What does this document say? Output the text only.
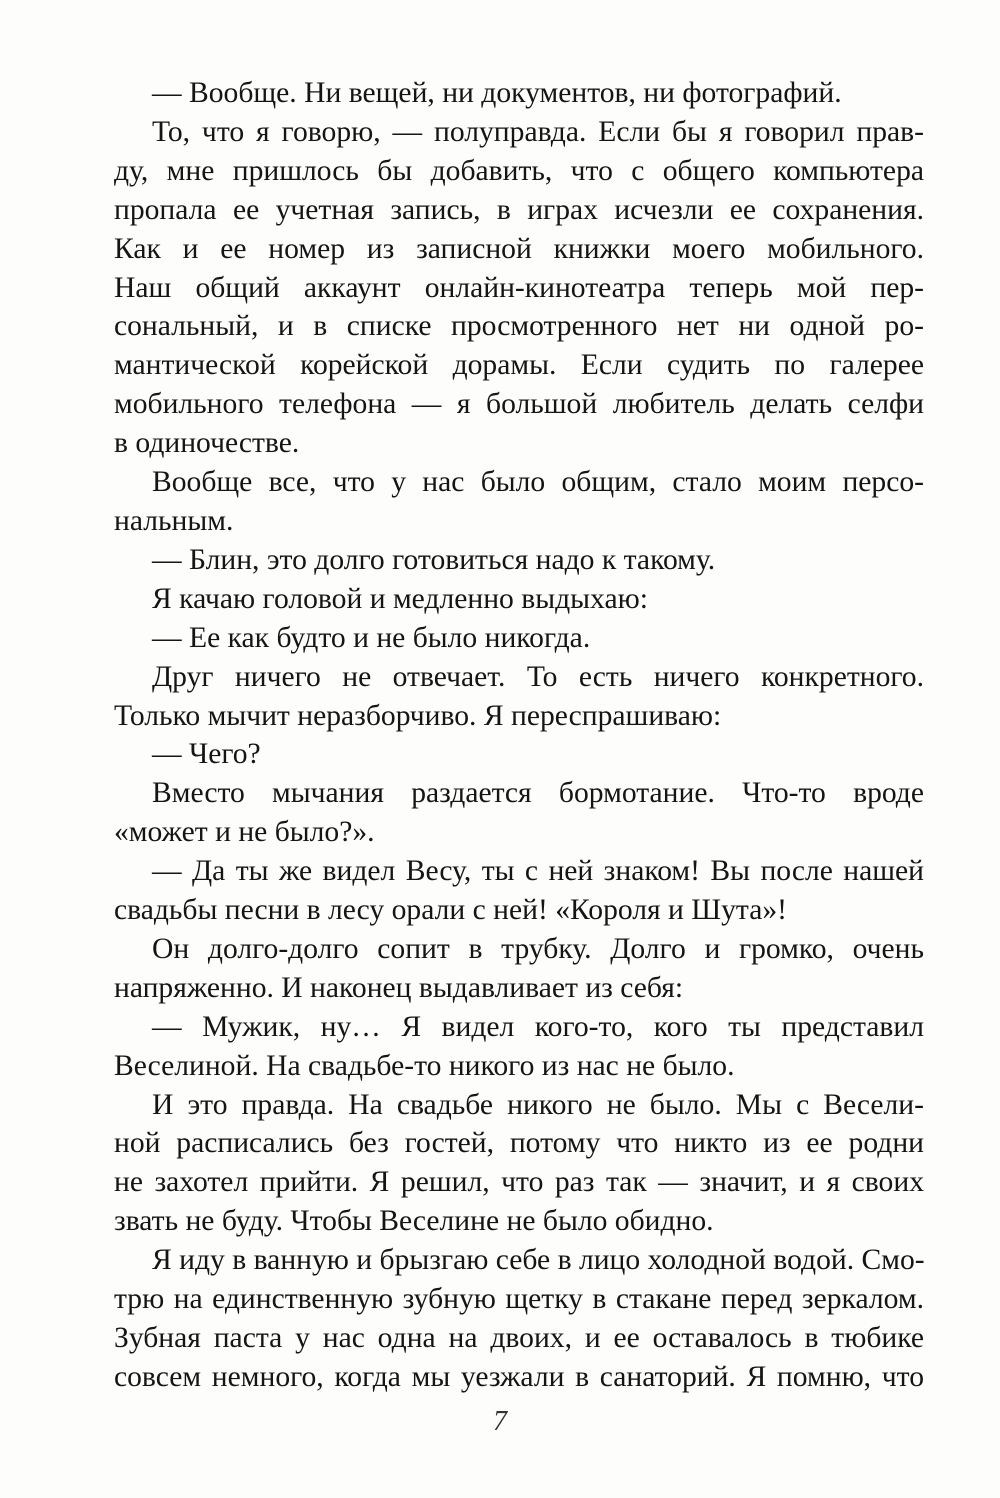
— Вообще. Ни вещей, ни документов, ни фотографий.
То, что я говорю, — полуправда. Если бы я говорил прав-
ду, мне пришлось бы добавить, что с общего компьютера
пропала ее учетная запись, в играх исчезли ее сохранения.
Как и ее номер из записной книжки моего мобильного.
Наш общий аккаунт онлайн-кинотеатра теперь мой пер-
сональный, и в списке просмотренного нет ни одной ро-
мантической корейской дорамы. Если судить по галерее
мобильного телефона — я большой любитель делать селфи
в одиночестве.
Вообще все, что у нас было общим, стало моим персо-
нальным.
— Блин, это долго готовиться надо к такому.
Я качаю головой и медленно выдыхаю:
— Ее как будто и не было никогда.
Друг ничего не отвечает. То есть ничего конкретного.
Только мычит неразборчиво. Я переспрашиваю:
— Чего?
Вместо мычания раздается бормотание. Что-то вроде
«может и не было?».
— Да ты же видел Весу, ты с ней знаком! Вы после нашей
свадьбы песни в лесу орали с ней! «Короля и Шута»!
Он долго-долго сопит в трубку. Долго и громко, очень
напряженно. И наконец выдавливает из себя:
— Мужик, ну… Я видел кого-то, кого ты представил
Веселиной. На свадьбе-то никого из нас не было.
И это правда. На свадьбе никого не было. Мы с Весели-
ной расписались без гостей, потому что никто из ее родни
не захотел прийти. Я решил, что раз так — значит, и я своих
звать не буду. Чтобы Веселине не было обидно.
Я иду в ванную и брызгаю себе в лицо холодной водой. Смо-
трю на единственную зубную щетку в стакане перед зеркалом.
Зубная паста у нас одна на двоих, и ее оставалось в тюбике
совсем немного, когда мы уезжали в санаторий. Я помню, что
7
